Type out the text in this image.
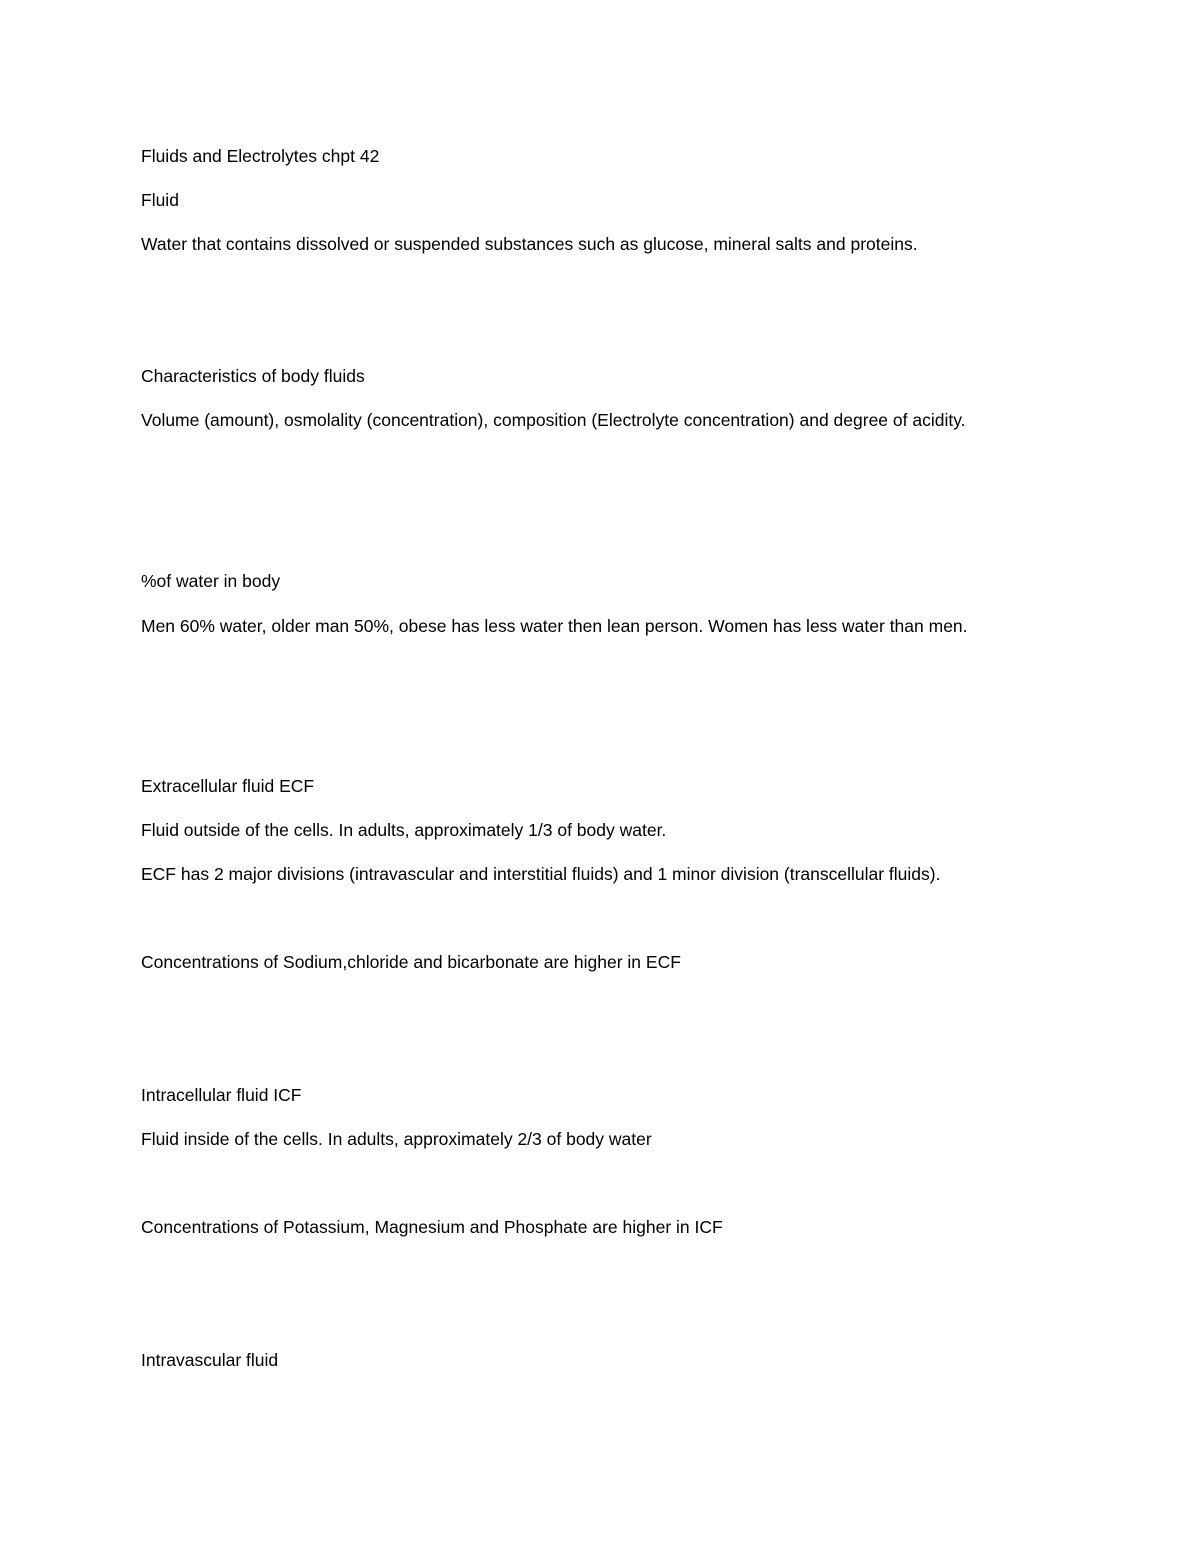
Fluids and Electrolytes chpt 42
Fluid
Water that contains dissolved or suspended substances such as glucose, mineral salts and proteins.
Characteristics of body fluids
Volume (amount), osmolality (concentration), composition (Electrolyte concentration) and degree of acidity.
%of water in body
Men 60% water, older man 50%, obese has less water then lean person. Women has less water than men.
Extracellular fluid ECF
Fluid outside of the cells. In adults, approximately 1/3 of body water.
ECF has 2 major divisions (intravascular and interstitial fluids) and 1 minor division (transcellular fluids).
Concentrations of Sodium,chloride and bicarbonate are higher in ECF
Intracellular fluid ICF
Fluid inside of the cells. In adults, approximately 2/3 of body water
Concentrations of Potassium, Magnesium and Phosphate are higher in ICF
Intravascular fluid
